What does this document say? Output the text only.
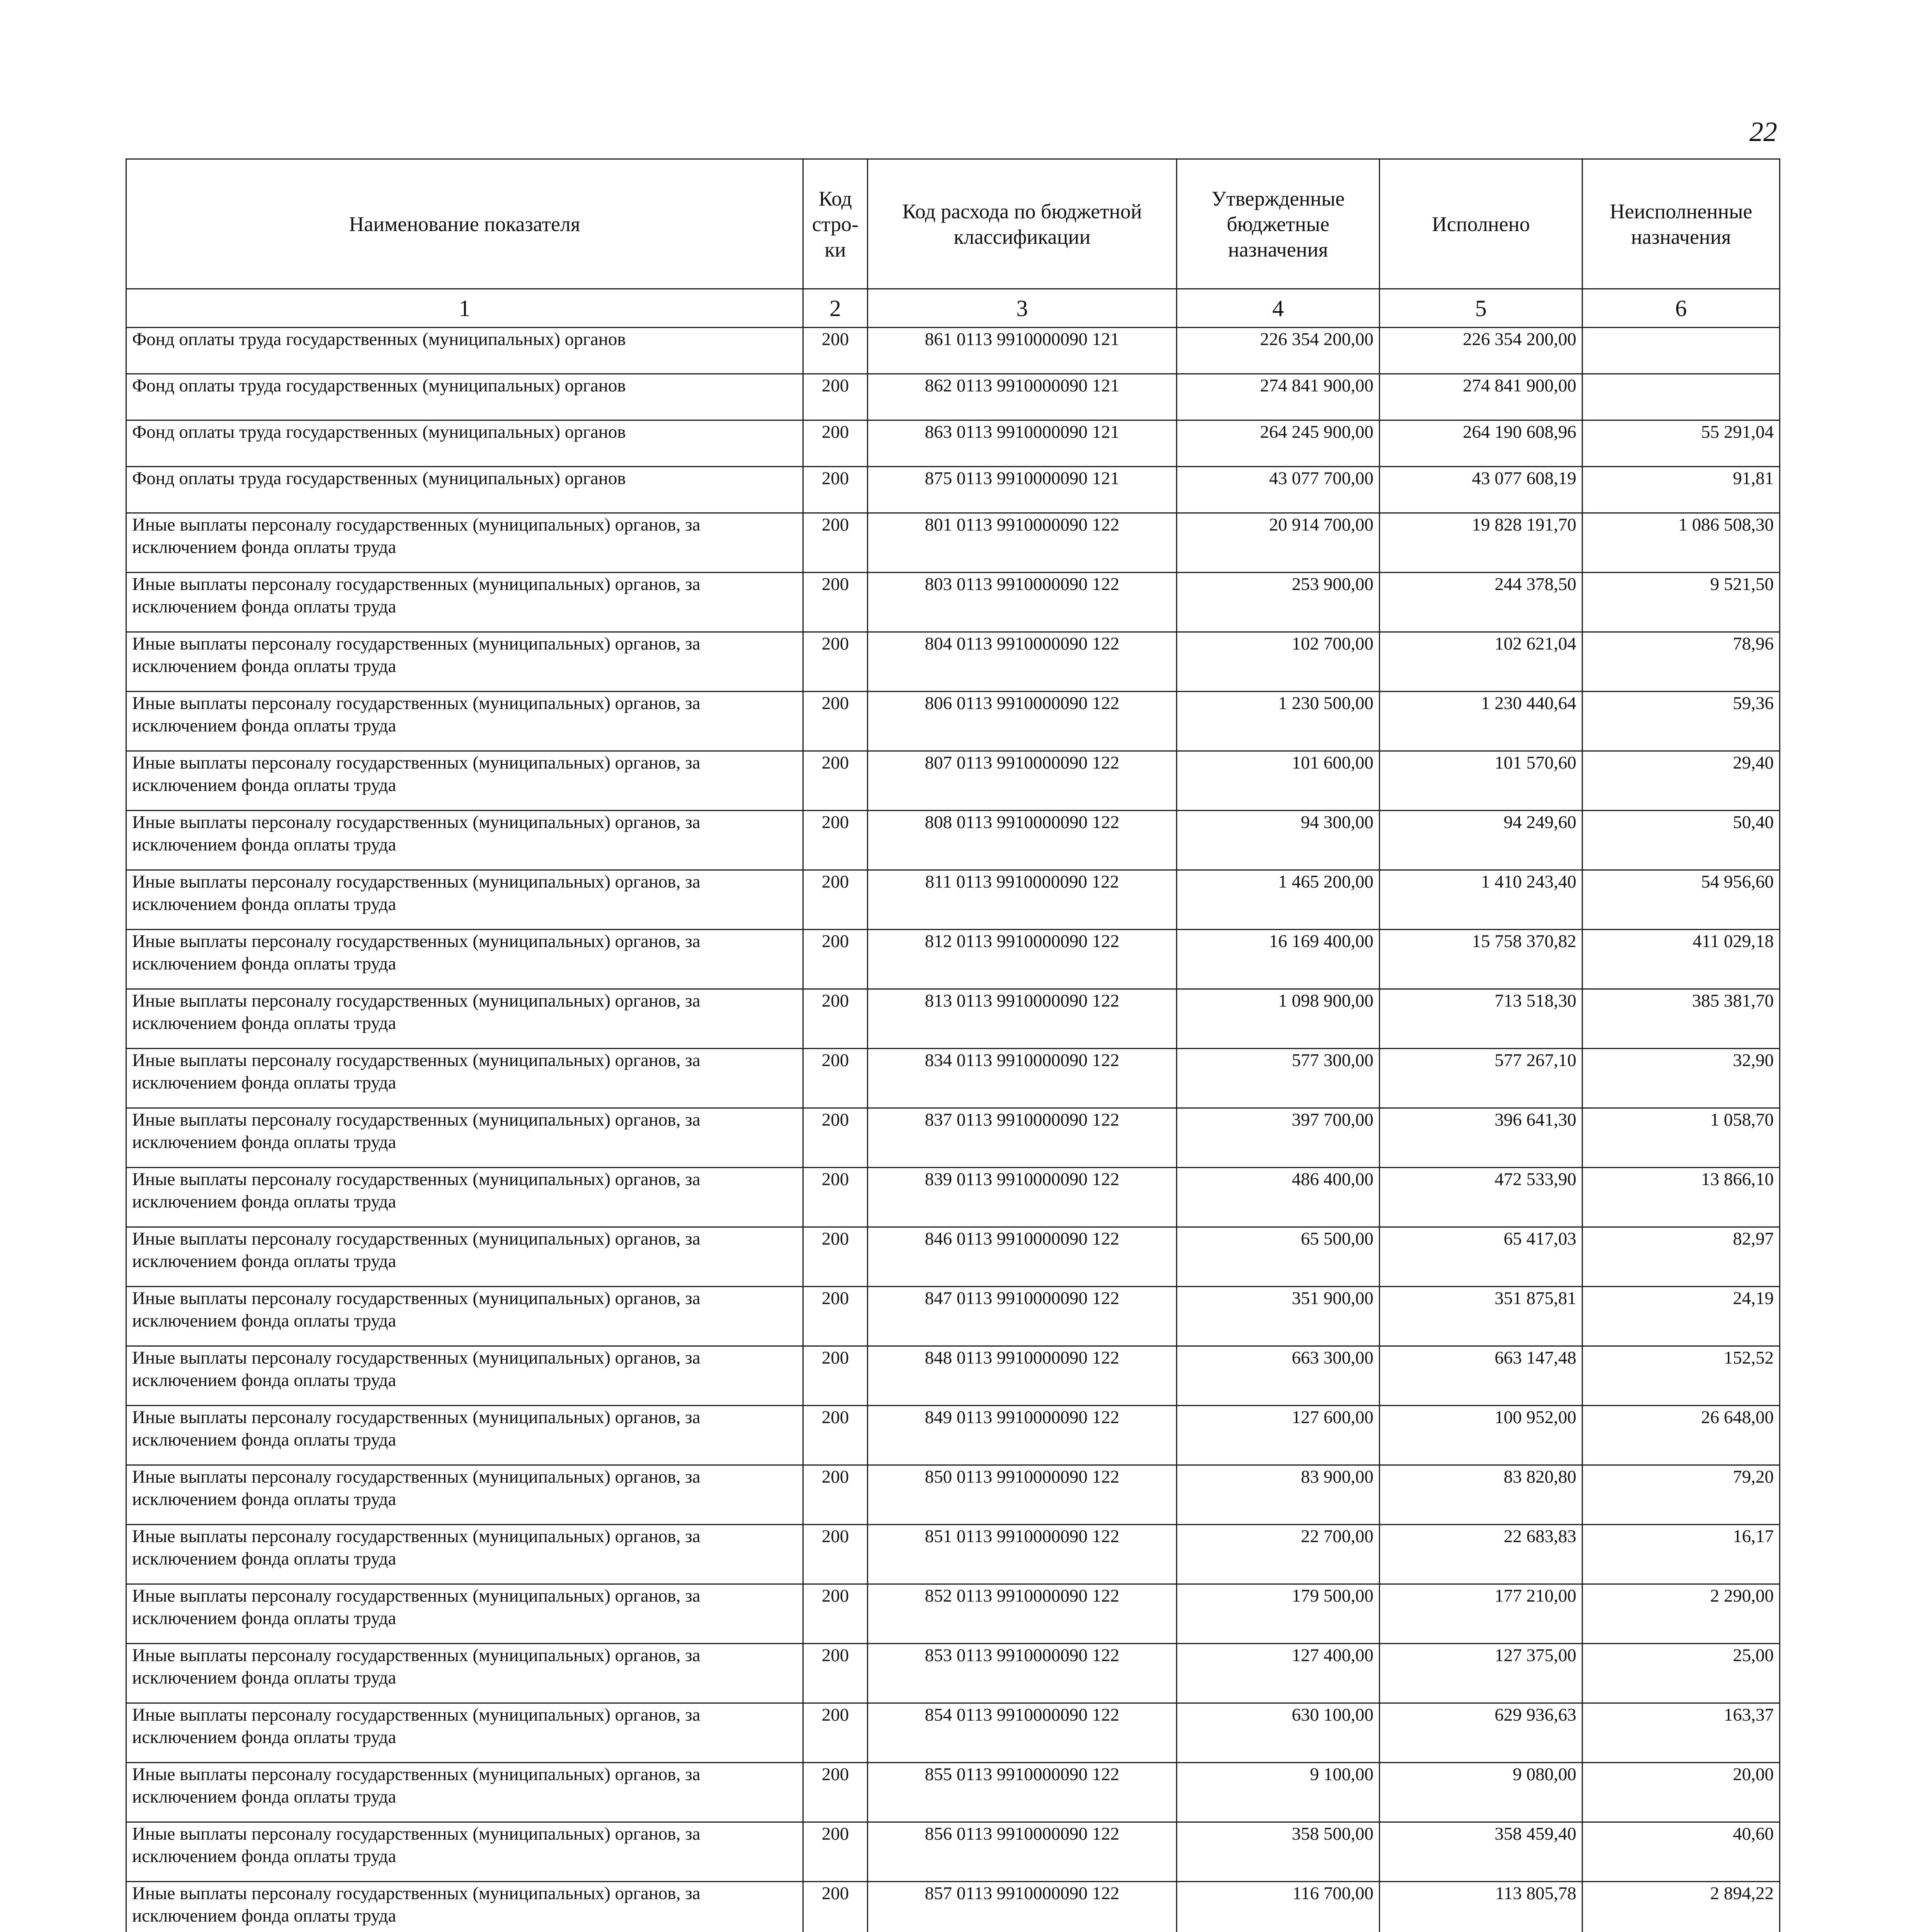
22
Наименование показателя	Код стро-ки	Код расхода по бюджетной классификации	Утвержденные бюджетные назначения	Исполнено	Неисполненные назначения
1	2	3	4	5	6
Фонд оплаты труда государственных (муниципальных) органов	200	861 0113 9910000090 121	226 354 200,00	226 354 200,00	
Фонд оплаты труда государственных (муниципальных) органов	200	862 0113 9910000090 121	274 841 900,00	274 841 900,00	
Фонд оплаты труда государственных (муниципальных) органов	200	863 0113 9910000090 121	264 245 900,00	264 190 608,96	55 291,04
Фонд оплаты труда государственных (муниципальных) органов	200	875 0113 9910000090 121	43 077 700,00	43 077 608,19	91,81
Иные выплаты персоналу государственных (муниципальных) органов, за исключением фонда оплаты труда	200	801 0113 9910000090 122	20 914 700,00	19 828 191,70	1 086 508,30
Иные выплаты персоналу государственных (муниципальных) органов, за исключением фонда оплаты труда	200	803 0113 9910000090 122	253 900,00	244 378,50	9 521,50
Иные выплаты персоналу государственных (муниципальных) органов, за исключением фонда оплаты труда	200	804 0113 9910000090 122	102 700,00	102 621,04	78,96
Иные выплаты персоналу государственных (муниципальных) органов, за исключением фонда оплаты труда	200	806 0113 9910000090 122	1 230 500,00	1 230 440,64	59,36
Иные выплаты персоналу государственных (муниципальных) органов, за исключением фонда оплаты труда	200	807 0113 9910000090 122	101 600,00	101 570,60	29,40
Иные выплаты персоналу государственных (муниципальных) органов, за исключением фонда оплаты труда	200	808 0113 9910000090 122	94 300,00	94 249,60	50,40
Иные выплаты персоналу государственных (муниципальных) органов, за исключением фонда оплаты труда	200	811 0113 9910000090 122	1 465 200,00	1 410 243,40	54 956,60
Иные выплаты персоналу государственных (муниципальных) органов, за исключением фонда оплаты труда	200	812 0113 9910000090 122	16 169 400,00	15 758 370,82	411 029,18
Иные выплаты персоналу государственных (муниципальных) органов, за исключением фонда оплаты труда	200	813 0113 9910000090 122	1 098 900,00	713 518,30	385 381,70
Иные выплаты персоналу государственных (муниципальных) органов, за исключением фонда оплаты труда	200	834 0113 9910000090 122	577 300,00	577 267,10	32,90
Иные выплаты персоналу государственных (муниципальных) органов, за исключением фонда оплаты труда	200	837 0113 9910000090 122	397 700,00	396 641,30	1 058,70
Иные выплаты персоналу государственных (муниципальных) органов, за исключением фонда оплаты труда	200	839 0113 9910000090 122	486 400,00	472 533,90	13 866,10
Иные выплаты персоналу государственных (муниципальных) органов, за исключением фонда оплаты труда	200	846 0113 9910000090 122	65 500,00	65 417,03	82,97
Иные выплаты персоналу государственных (муниципальных) органов, за исключением фонда оплаты труда	200	847 0113 9910000090 122	351 900,00	351 875,81	24,19
Иные выплаты персоналу государственных (муниципальных) органов, за исключением фонда оплаты труда	200	848 0113 9910000090 122	663 300,00	663 147,48	152,52
Иные выплаты персоналу государственных (муниципальных) органов, за исключением фонда оплаты труда	200	849 0113 9910000090 122	127 600,00	100 952,00	26 648,00
Иные выплаты персоналу государственных (муниципальных) органов, за исключением фонда оплаты труда	200	850 0113 9910000090 122	83 900,00	83 820,80	79,20
Иные выплаты персоналу государственных (муниципальных) органов, за исключением фонда оплаты труда	200	851 0113 9910000090 122	22 700,00	22 683,83	16,17
Иные выплаты персоналу государственных (муниципальных) органов, за исключением фонда оплаты труда	200	852 0113 9910000090 122	179 500,00	177 210,00	2 290,00
Иные выплаты персоналу государственных (муниципальных) органов, за исключением фонда оплаты труда	200	853 0113 9910000090 122	127 400,00	127 375,00	25,00
Иные выплаты персоналу государственных (муниципальных) органов, за исключением фонда оплаты труда	200	854 0113 9910000090 122	630 100,00	629 936,63	163,37
Иные выплаты персоналу государственных (муниципальных) органов, за исключением фонда оплаты труда	200	855 0113 9910000090 122	9 100,00	9 080,00	20,00
Иные выплаты персоналу государственных (муниципальных) органов, за исключением фонда оплаты труда	200	856 0113 9910000090 122	358 500,00	358 459,40	40,60
Иные выплаты персоналу государственных (муниципальных) органов, за исключением фонда оплаты труда	200	857 0113 9910000090 122	116 700,00	113 805,78	2 894,22
